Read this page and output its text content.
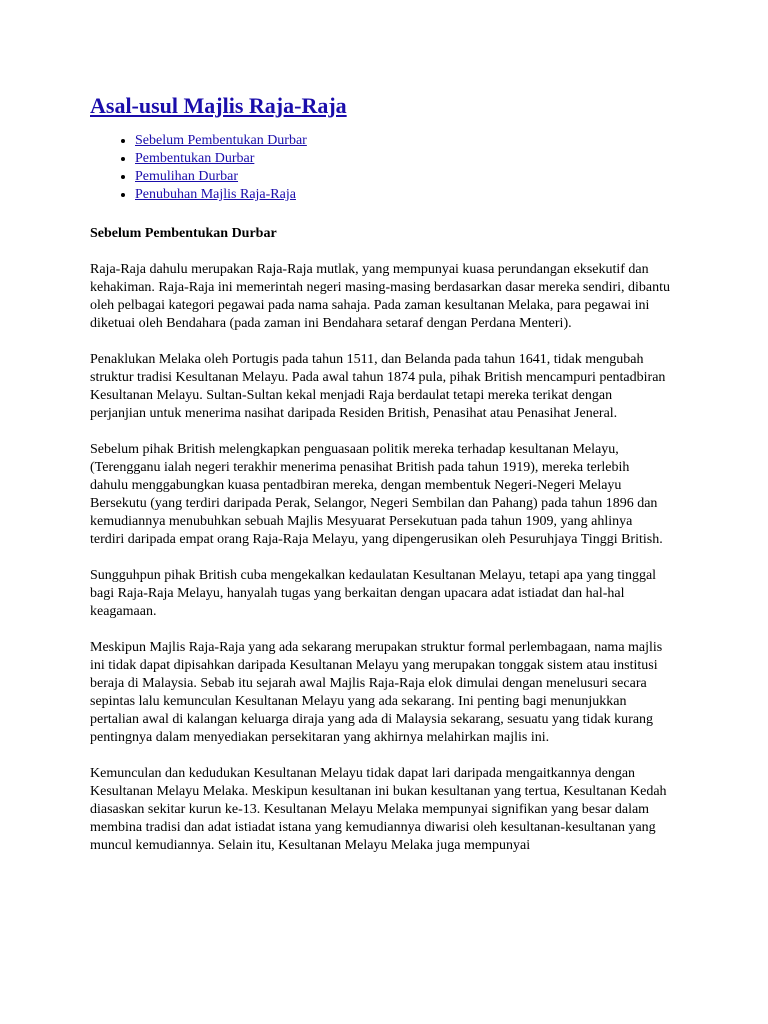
Asal-usul Majlis Raja-Raja
• Sebelum Pembentukan Durbar
• Pembentukan Durbar
• Pemulihan Durbar
• Penubuhan Majlis Raja-Raja
Sebelum Pembentukan Durbar

Raja-Raja dahulu merupakan Raja-Raja mutlak, yang mempunyai kuasa perundangan eksekutif dan kehakiman. Raja-Raja ini memerintah negeri masing-masing berdasarkan dasar mereka sendiri, dibantu oleh pelbagai kategori pegawai pada nama sahaja. Pada zaman kesultanan Melaka, para pegawai ini diketuai oleh Bendahara (pada zaman ini Bendahara setaraf dengan Perdana Menteri).

Penaklukan Melaka oleh Portugis pada tahun 1511, dan Belanda pada tahun 1641, tidak mengubah struktur tradisi Kesultanan Melayu. Pada awal tahun 1874 pula, pihak British mencampuri pentadbiran Kesultanan Melayu. Sultan-Sultan kekal menjadi Raja berdaulat tetapi mereka terikat dengan perjanjian untuk menerima nasihat daripada Residen British, Penasihat atau Penasihat Jeneral.

Sebelum pihak British melengkapkan penguasaan politik mereka terhadap kesultanan Melayu, (Terengganu ialah negeri terakhir menerima penasihat British pada tahun 1919), mereka terlebih dahulu menggabungkan kuasa pentadbiran mereka, dengan membentuk Negeri-Negeri Melayu Bersekutu (yang terdiri daripada Perak, Selangor, Negeri Sembilan dan Pahang) pada tahun 1896 dan kemudiannya menubuhkan sebuah Majlis Mesyuarat Persekutuan pada tahun 1909, yang ahlinya terdiri daripada empat orang Raja-Raja Melayu, yang dipengerusikan oleh Pesuruhjaya Tinggi British.

Sungguhpun pihak British cuba mengekalkan kedaulatan Kesultanan Melayu, tetapi apa yang tinggal bagi Raja-Raja Melayu, hanyalah tugas yang berkaitan dengan upacara adat istiadat dan hal-hal keagamaan.

Meskipun Majlis Raja-Raja yang ada sekarang merupakan struktur formal perlembagaan, nama majlis ini tidak dapat dipisahkan daripada Kesultanan Melayu yang merupakan tonggak sistem atau institusi beraja di Malaysia. Sebab itu sejarah awal Majlis Raja-Raja elok dimulai dengan menelusuri secara sepintas lalu kemunculan Kesultanan Melayu yang ada sekarang. Ini penting bagi menunjukkan pertalian awal di kalangan keluarga diraja yang ada di Malaysia sekarang, sesuatu yang tidak kurang pentingnya dalam menyediakan persekitaran yang akhirnya melahirkan majlis ini.

Kemunculan dan kedudukan Kesultanan Melayu tidak dapat lari daripada mengaitkannya dengan Kesultanan Melayu Melaka. Meskipun kesultanan ini bukan kesultanan yang tertua, Kesultanan Kedah diasaskan sekitar kurun ke-13. Kesultanan Melayu Melaka mempunyai signifikan yang besar dalam membina tradisi dan adat istiadat istana yang kemudiannya diwarisi oleh kesultanan-kesultanan yang muncul kemudiannya. Selain itu, Kesultanan Melayu Melaka juga mempunyai
